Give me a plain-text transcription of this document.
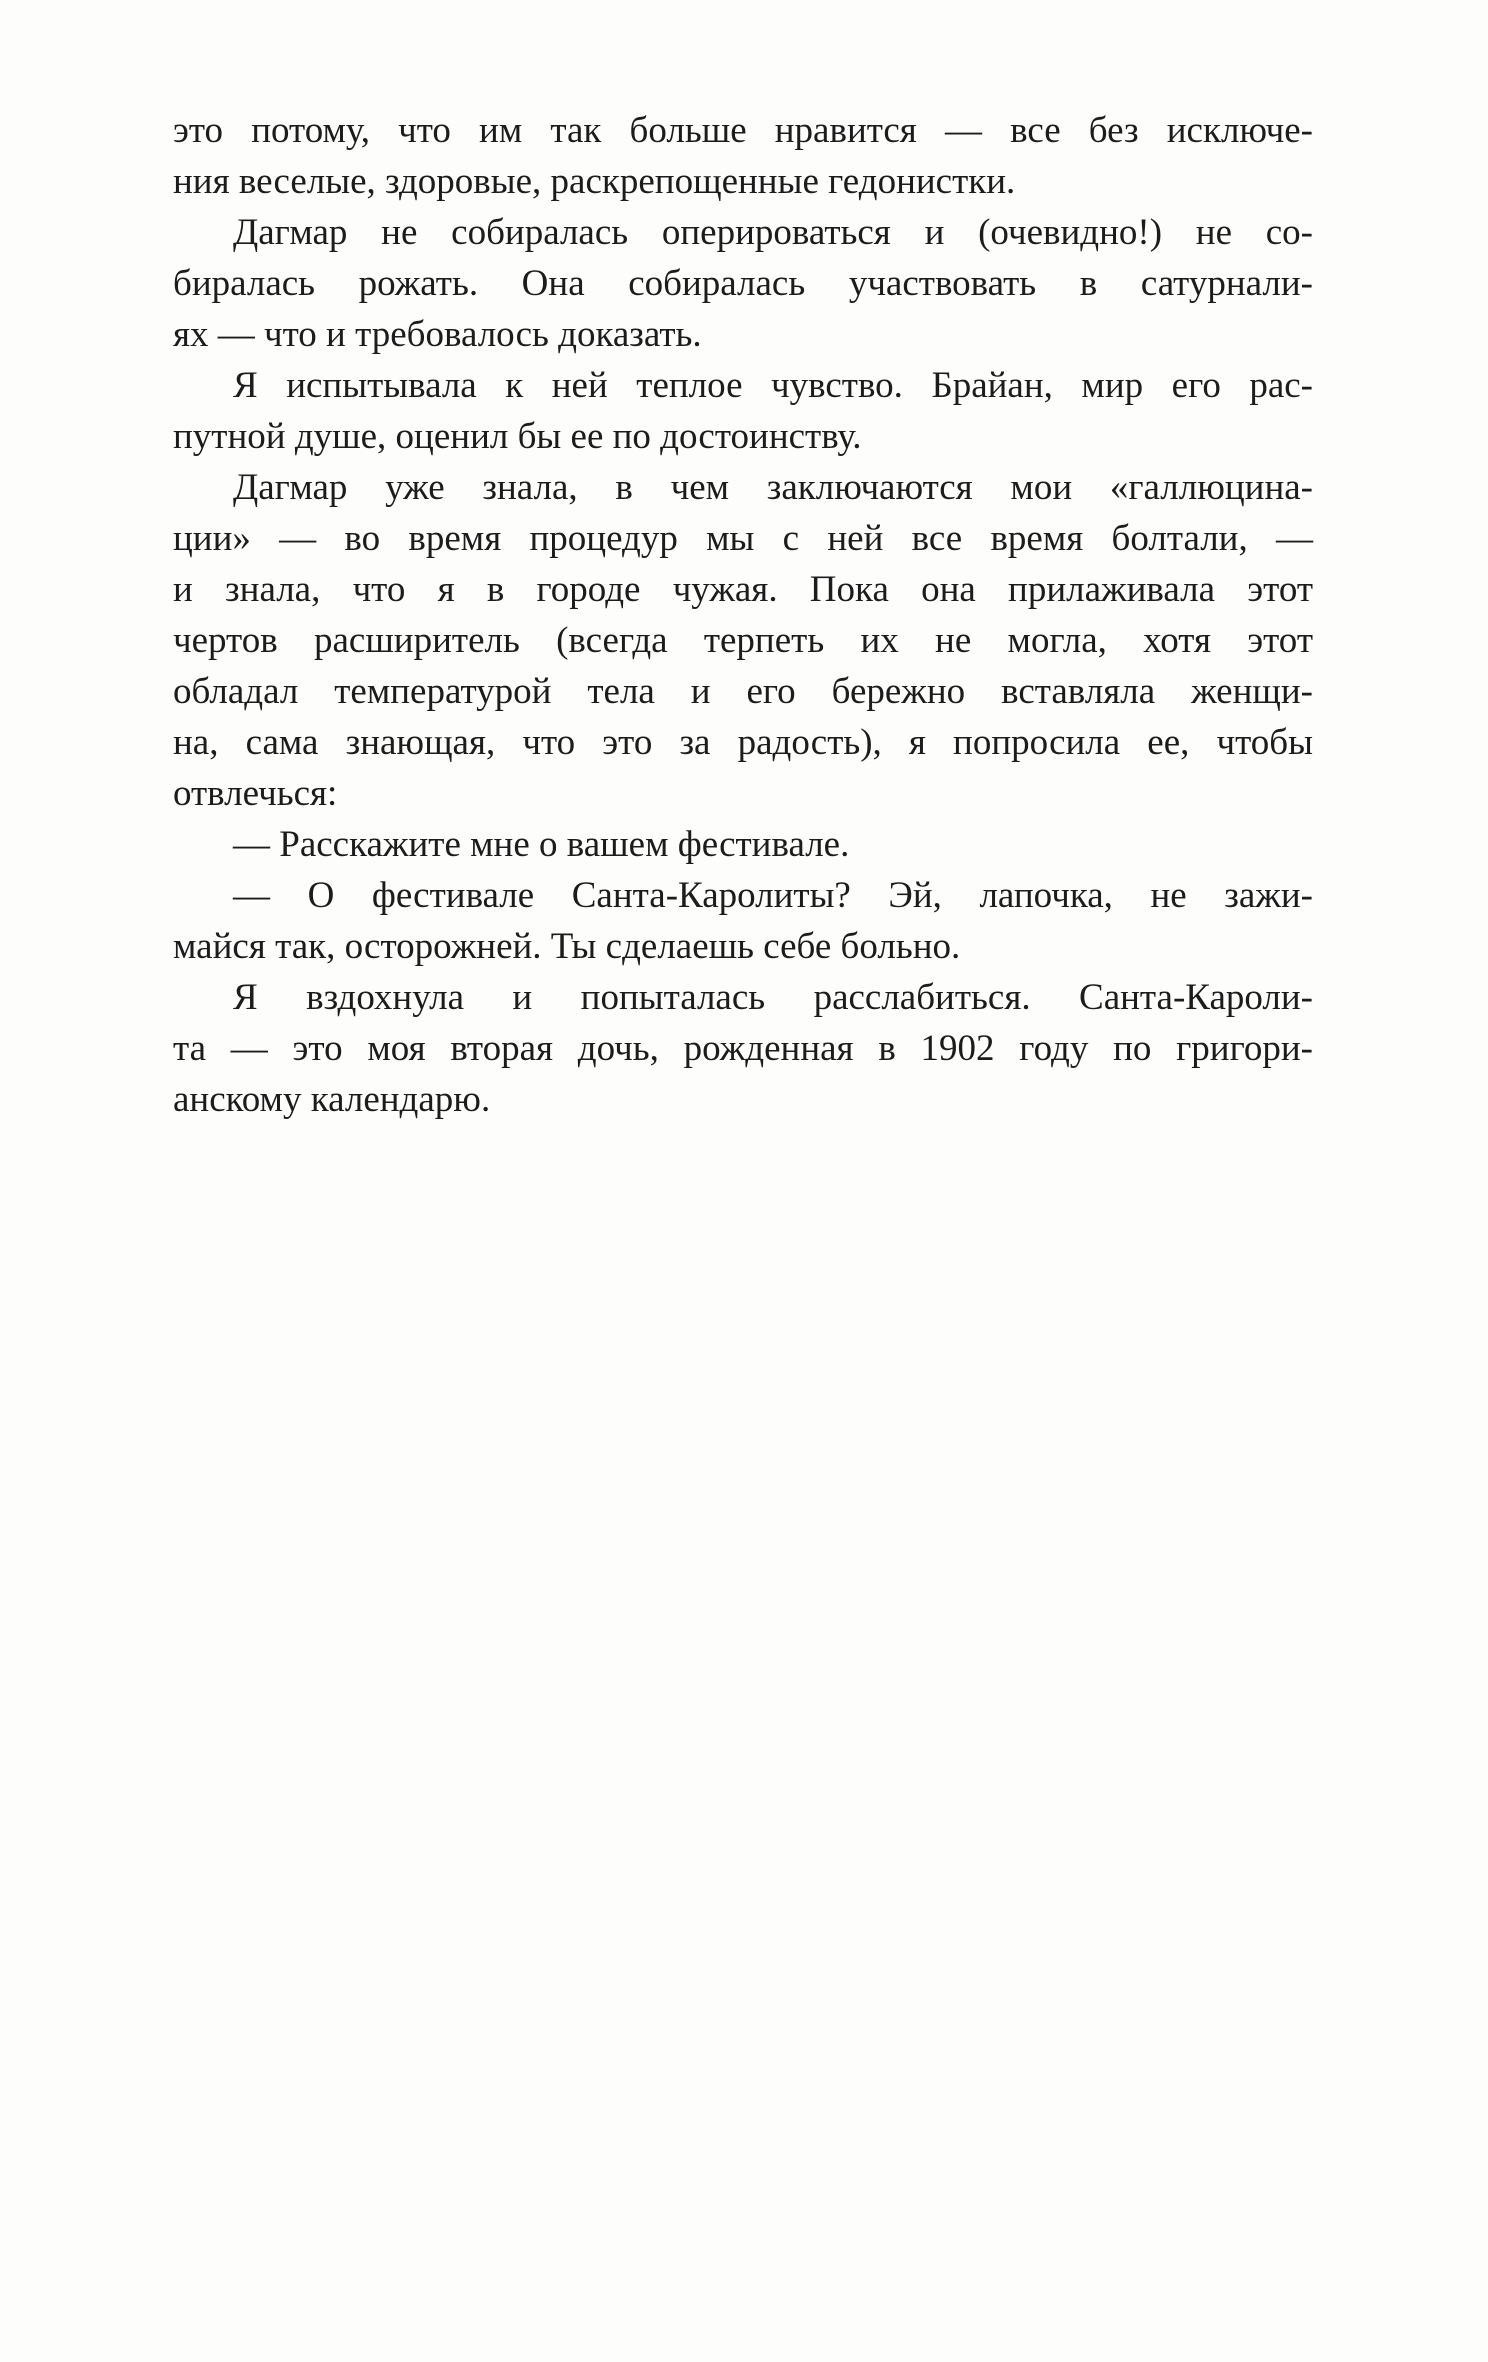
это потому, что им так больше нравится — все без исключе-
ния веселые, здоровые, раскрепощенные гедонистки.
Дагмар не собиралась оперироваться и (очевидно!) не со-
биралась рожать. Она собиралась участвовать в сатурнали-
ях — что и требовалось доказать.
Я испытывала к ней теплое чувство. Брайан, мир его рас-
путной душе, оценил бы ее по достоинству.
Дагмар уже знала, в чем заключаются мои «галлюцина-
ции» — во время процедур мы с ней все время болтали, —
и знала, что я в городе чужая. Пока она прилаживала этот
чертов расширитель (всегда терпеть их не могла, хотя этот
обладал температурой тела и его бережно вставляла женщи-
на, сама знающая, что это за радость), я попросила ее, чтобы
отвлечься:
— Расскажите мне о вашем фестивале.
— О фестивале Санта-Каролиты? Эй, лапочка, не зажи-
майся так, осторожней. Ты сделаешь себе больно.
Я вздохнула и попыталась расслабиться. Санта-Кароли-
та — это моя вторая дочь, рожденная в 1902 году по григори-
анскому календарю.
